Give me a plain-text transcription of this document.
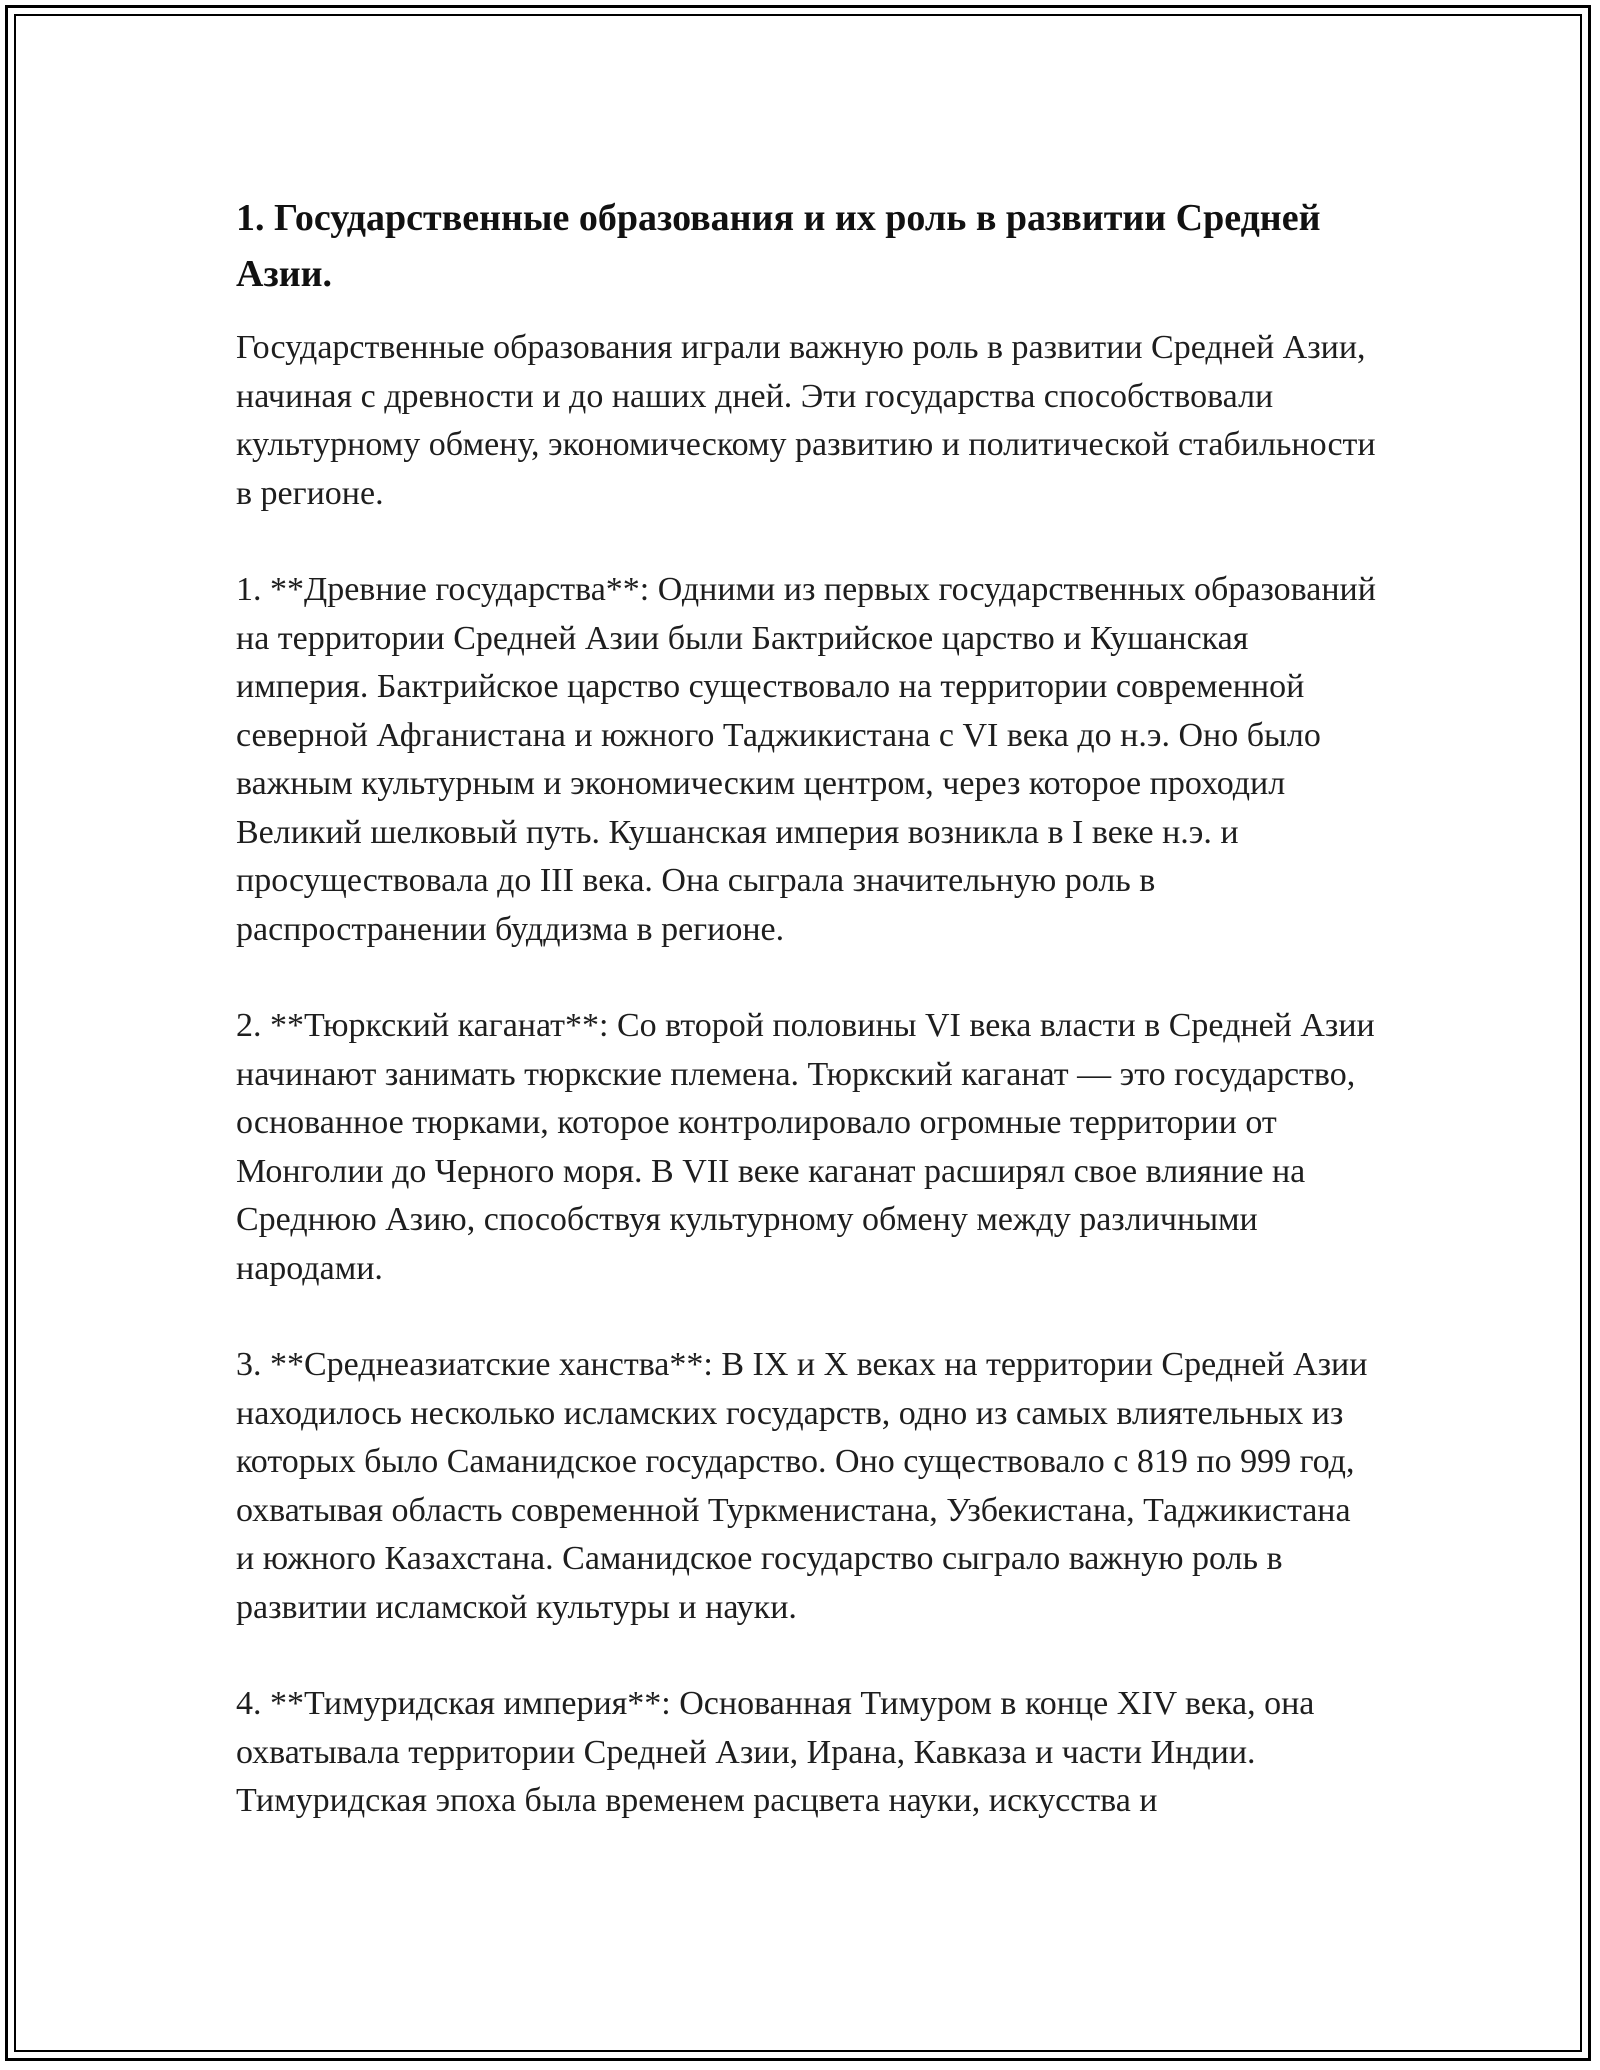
1. Государственные образования и их роль в развитии Средней Азии.

Государственные образования играли важную роль в развитии Средней Азии, начиная с древности и до наших дней. Эти государства способствовали культурному обмену, экономическому развитию и политической стабильности в регионе.

1. **Древние государства**: Одними из первых государственных образований на территории Средней Азии были Бактрийское царство и Кушанская империя. Бактрийское царство существовало на территории современной северной Афганистана и южного Таджикистана с VI века до н.э. Оно было важным культурным и экономическим центром, через которое проходил Великий шелковый путь. Кушанская империя возникла в I веке н.э. и просуществовала до III века. Она сыграла значительную роль в распространении буддизма в регионе.

2. **Тюркский каганат**: Со второй половины VI века власти в Средней Азии начинают занимать тюркские племена. Тюркский каганат — это государство, основанное тюрками, которое контролировало огромные территории от Монголии до Черного моря. В VII веке каганат расширял свое влияние на Среднюю Азию, способствуя культурному обмену между различными народами.

3. **Среднеазиатские ханства**: В IX и X веках на территории Средней Азии находилось несколько исламских государств, одно из самых влиятельных из которых было Саманидское государство. Оно существовало с 819 по 999 год, охватывая область современной Туркменистана, Узбекистана, Таджикистана и южного Казахстана. Саманидское государство сыграло важную роль в развитии исламской культуры и науки.

4. **Тимуридская империя**: Основанная Тимуром в конце XIV века, она охватывала территории Средней Азии, Ирана, Кавказа и части Индии. Тимуридская эпоха была временем расцвета науки, искусства и
